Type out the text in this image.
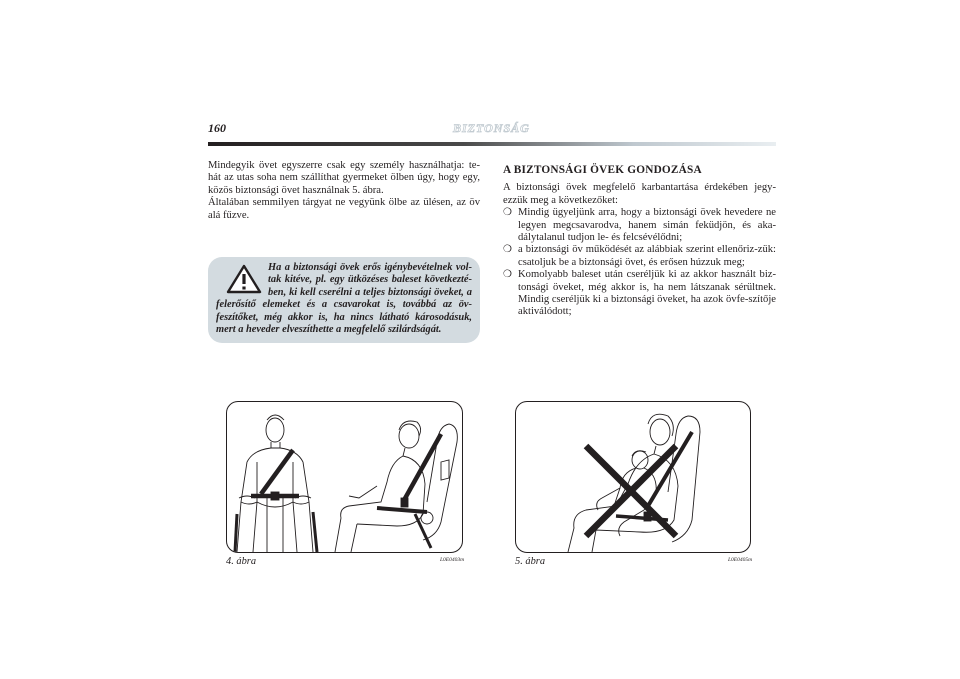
160	BIZTONSÁG

Mindegyik övet egyszerre csak egy személy használhatja: te-hát az utas soha nem szállíthat gyermeket ölben úgy, hogy egy, közös biztonsági övet használnak 5. ábra.

Általában semmilyen tárgyat ne vegyünk ölbe az ülésen, az öv alá fűzve.

Ha a biztonsági övek erős igénybevételnek vol-tak kitéve, pl. egy ütközéses baleset következté-ben, ki kell cserélni a teljes biztonsági öveket, a felerősítő elemeket és a csavarokat is, továbbá az öv-feszítőket, még akkor is, ha nincs látható károsodásuk, mert a heveder elveszíthette a megfelelő szilárdságát.
A BIZTONSÁGI ÖVEK GONDOZÁSA

A biztonsági övek megfelelő karbantartása érdekében jegy-ezzük meg a következőket:

❍ Mindig ügyeljünk arra, hogy a biztonsági övek hevedere ne legyen megcsavarodva, hanem simán feküdjön, és aka-dálytalanul tudjon le- és felcsévélődni;
❍ a biztonsági öv működését az alábbiak szerint ellenőriz-zük: csatoljuk be a biztonsági övet, és erősen húzzuk meg;
❍ Komolyabb baleset után cseréljük ki az akkor használt biz-tonsági öveket, még akkor is, ha nem látszanak sérültnek. Mindig cseréljük ki a biztonsági öveket, ha azok övfe-szítője aktiválódott;
4. ábra	L0E0403m	5. ábra	L0E0405m
